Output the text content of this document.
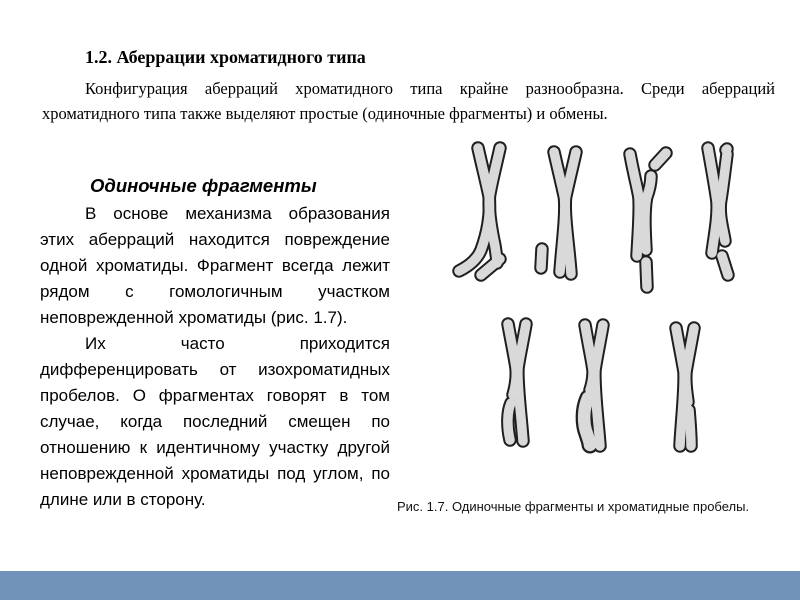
1.2. Аберрации хроматидного типа

Конфигурация аберраций хроматидного типа крайне разнообразна. Среди аберраций хроматидного типа также выделяют простые (одиночные фрагменты) и обмены.

Одиночные фрагменты

В основе механизма образования этих аберраций находится повреждение одной хроматиды. Фрагмент всегда лежит рядом с гомологичным участком неповрежденной хроматиды (рис. 1.7).

Их часто приходится дифференцировать от изохроматидных пробелов. О фрагментах говорят в том случае, когда последний смещен по отношению к идентичному участку другой неповрежденной хроматиды под углом, по длине или в сторону.	Рис. 1.7. Одиночные фрагменты и хроматидные пробелы.
